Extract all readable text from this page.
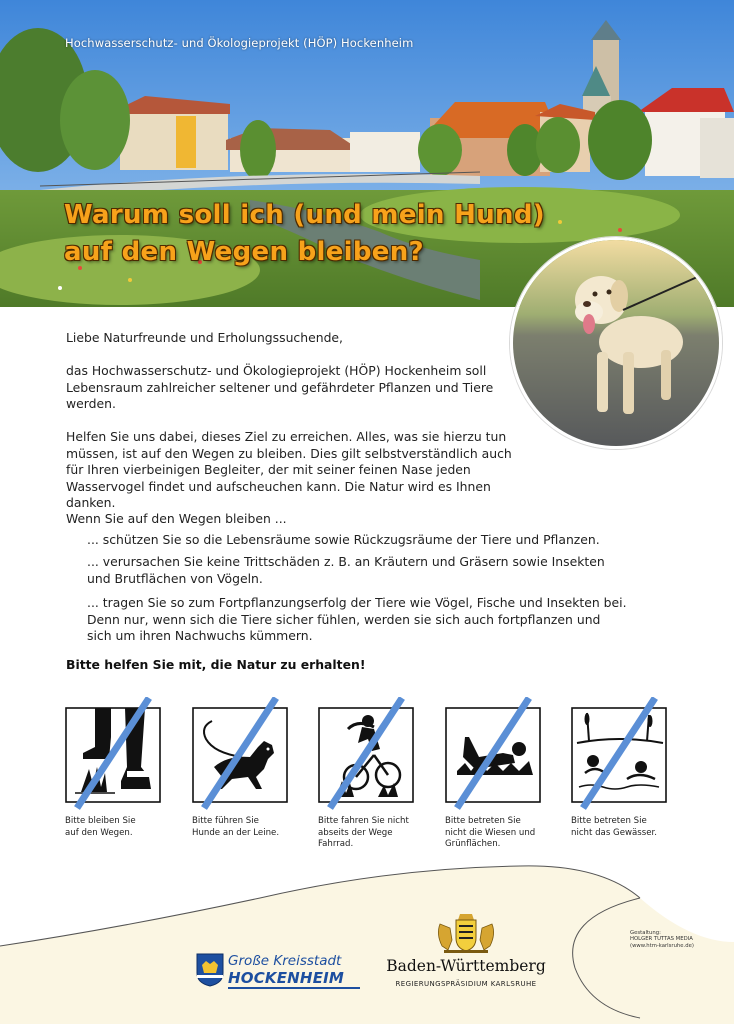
Hochwasserschutz- und Ökologieprojekt (HÖP) Hockenheim
Warum soll ich (und mein Hund)
auf den Wegen bleiben?
Liebe Naturfreunde und Erholungssuchende,
das Hochwasserschutz- und Ökologieprojekt (HÖP) Hockenheim soll Lebensraum zahlreicher seltener und gefährdeter Pflanzen und Tiere werden.
Helfen Sie uns dabei, dieses Ziel zu erreichen. Alles, was sie hierzu tun müssen, ist auf den Wegen zu bleiben. Dies gilt selbstverständlich auch für Ihren vierbeinigen Begleiter, der mit seiner feinen Nase jeden Wasservogel findet und aufscheuchen kann. Die Natur wird es Ihnen danken.
Wenn Sie auf den Wegen bleiben ...
... schützen Sie so die Lebensräume sowie Rückzugsräume der Tiere und Pflanzen.
... verursachen Sie keine Trittschäden z. B. an Kräutern und Gräsern sowie Insekten und Brutflächen von Vögeln.
... tragen Sie so zum Fortpflanzungserfolg der Tiere wie Vögel, Fische und Insekten bei. Denn nur, wenn sich die Tiere sicher fühlen, werden sie sich auch fortpflanzen und sich um ihren Nachwuchs kümmern.
Bitte helfen Sie mit, die Natur zu erhalten!
Bitte bleiben Sie
auf den Wegen.
Bitte führen Sie
Hunde an der Leine.
Bitte fahren Sie nicht
abseits der Wege
Fahrrad.
Bitte betreten Sie
nicht die Wiesen und
Grünflächen.
Bitte betreten Sie
nicht das Gewässer.
Gestaltung:
HOLGER TUTTAS MEDIA
(www.htm-karlsruhe.de)
Große Kreisstadt
HOCKENHEIM
Baden-Württemberg
REGIERUNGSPRÄSIDIUM KARLSRUHE
